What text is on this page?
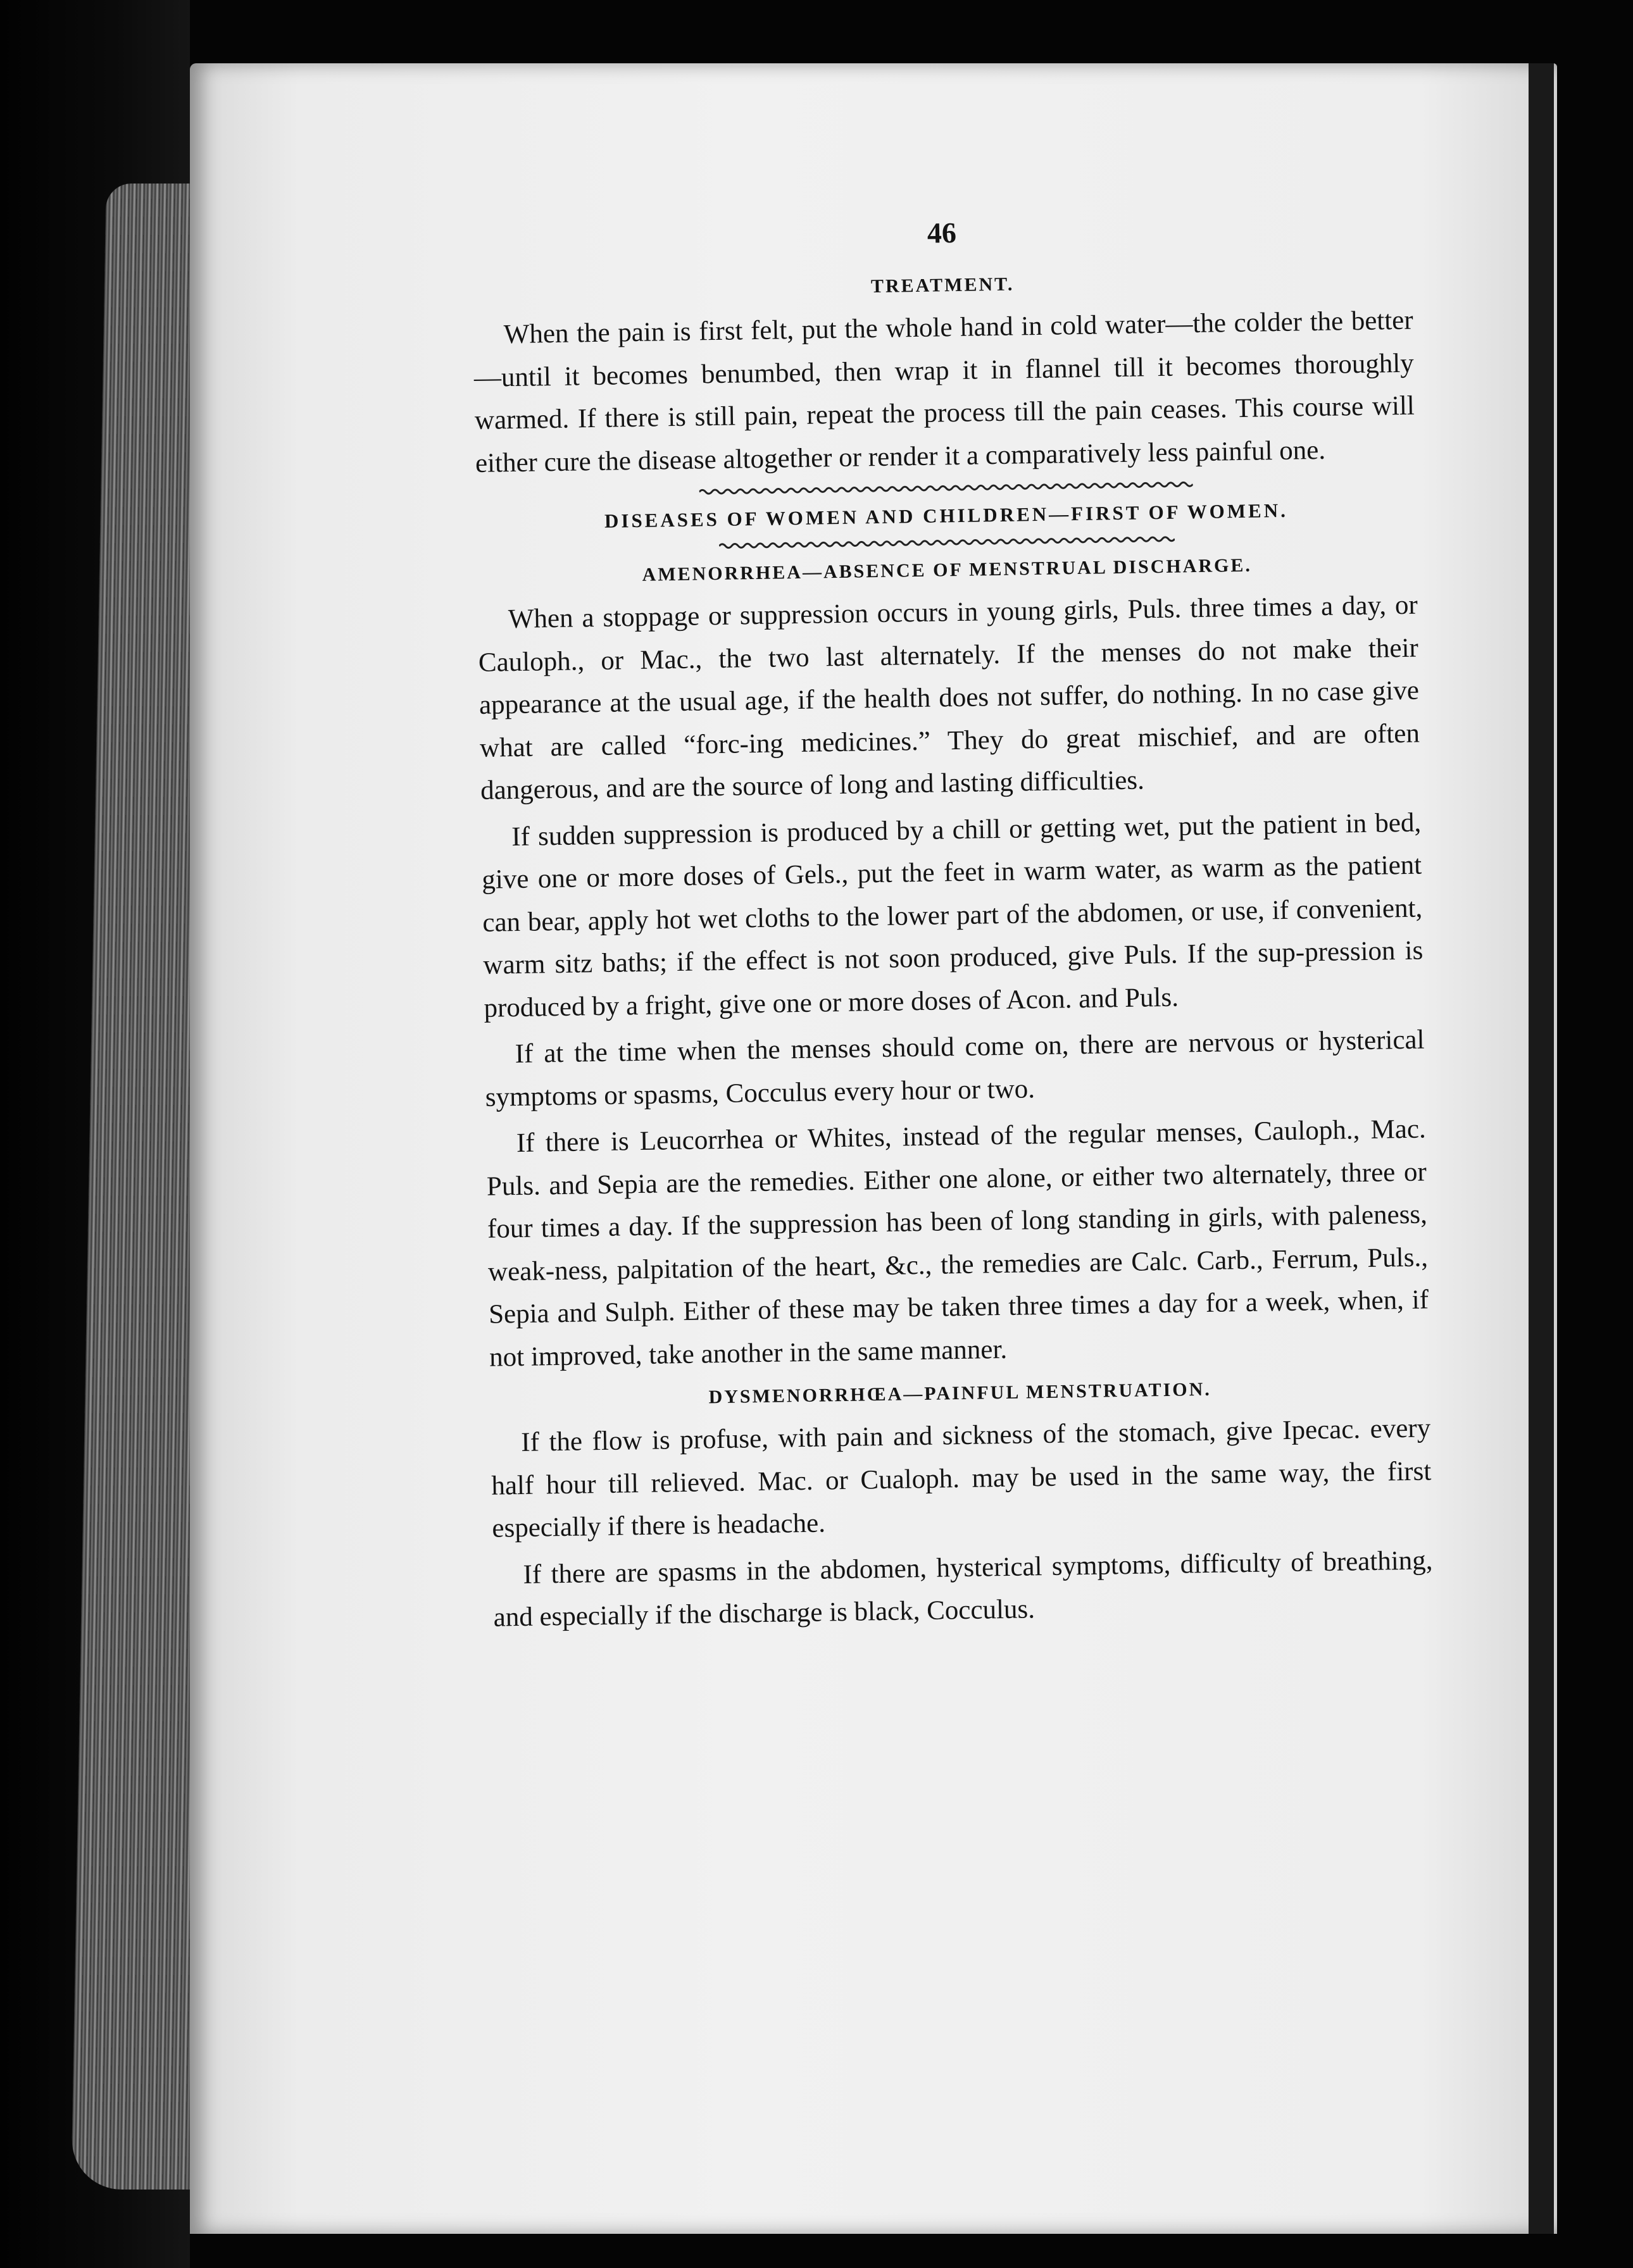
46
TREATMENT.

When the pain is first felt, put the whole hand in cold water—the colder the better—until it becomes benumbed, then wrap it in flannel till it becomes thoroughly warmed. If there is still pain, repeat the process till the pain ceases. This course will either cure the disease altogether or render it a comparatively less painful one.

DISEASES OF WOMEN AND CHILDREN—FIRST OF WOMEN.
AMENORRHEA—ABSENCE OF MENSTRUAL DISCHARGE.

When a stoppage or suppression occurs in young girls, Puls. three times a day, or Cauloph., or Mac., the two last alternately. If the menses do not make their appearance at the usual age, if the health does not suffer, do nothing. In no case give what are called “forc-ing medicines.” They do great mischief, and are often dangerous, and are the source of long and lasting difficulties.

If sudden suppression is produced by a chill or getting wet, put the patient in bed, give one or more doses of Gels., put the feet in warm water, as warm as the patient can bear, apply hot wet cloths to the lower part of the abdomen, or use, if convenient, warm sitz baths; if the effect is not soon produced, give Puls. If the sup-pression is produced by a fright, give one or more doses of Acon. and Puls.

If at the time when the menses should come on, there are nervous or hysterical symptoms or spasms, Cocculus every hour or two.

If there is Leucorrhea or Whites, instead of the regular menses, Cauloph., Mac. Puls. and Sepia are the remedies. Either one alone, or either two alternately, three or four times a day. If the suppression has been of long standing in girls, with paleness, weak-ness, palpitation of the heart, &c., the remedies are Calc. Carb., Ferrum, Puls., Sepia and Sulph. Either of these may be taken three times a day for a week, when, if not improved, take another in the same manner.

DYSMENORRHŒA—PAINFUL MENSTRUATION.

If the flow is profuse, with pain and sickness of the stomach, give Ipecac. every half hour till relieved. Mac. or Cualoph. may be used in the same way, the first especially if there is headache.

If there are spasms in the abdomen, hysterical symptoms, difficulty of breathing, and especially if the discharge is black, Cocculus.
